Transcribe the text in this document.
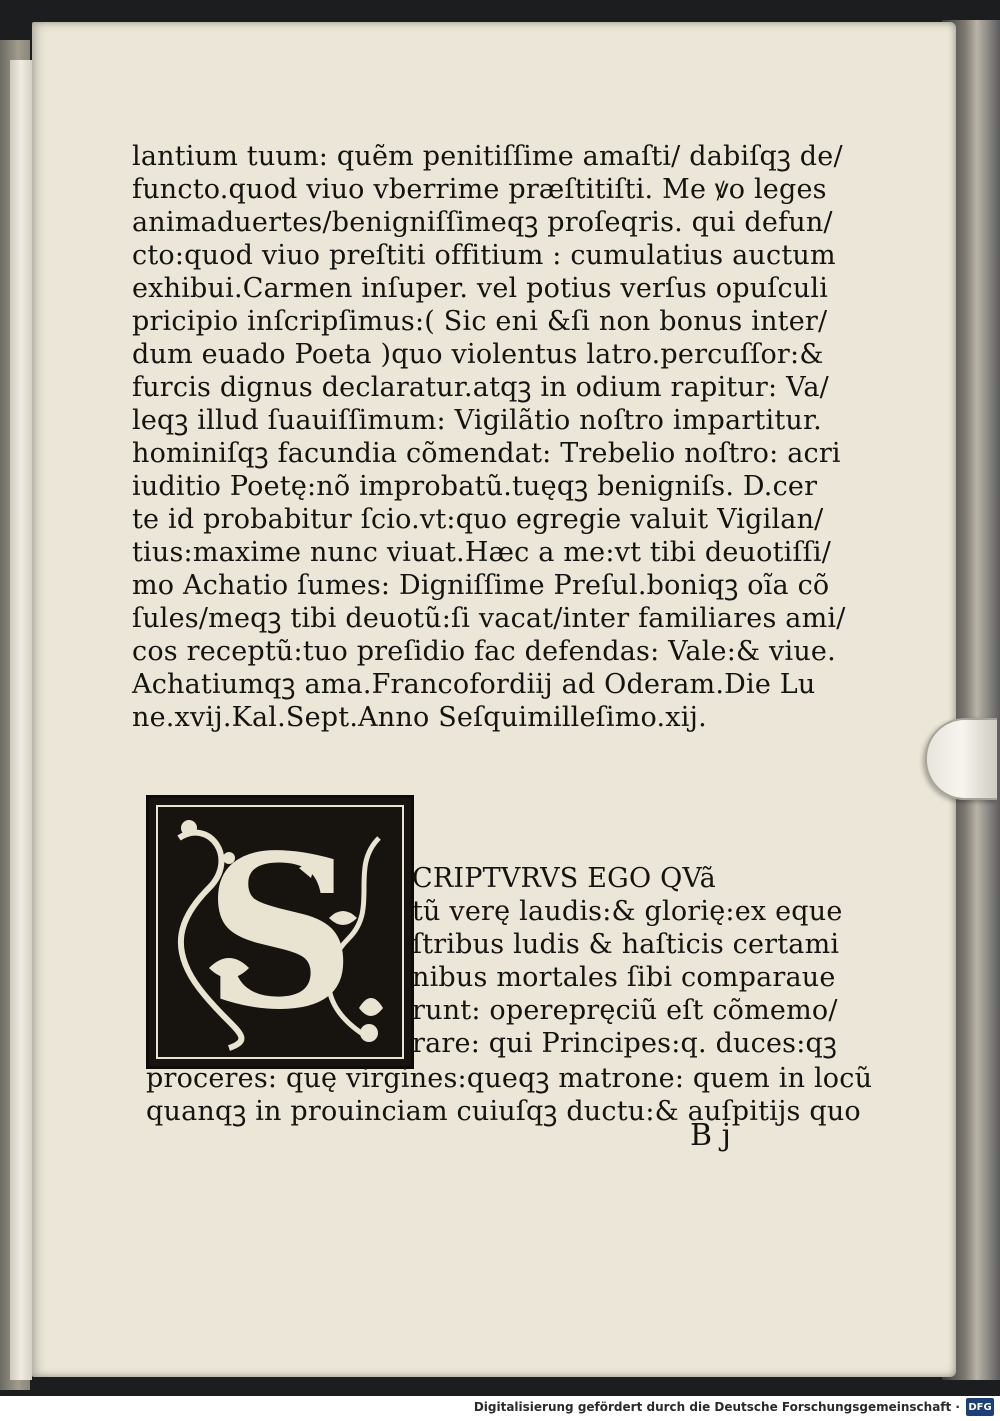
lantium tuum: quẽm penitiſſime amaſti/ dabiſqꝫ de/
functo.quod viuo vberrime præſtitiſti. Me ꝟo leges
animaduertes/benigniſſimeqꝫ proſeqris. qui defun/
cto:quod viuo preſtiti offitium : cumulatius auctum
exhibui.Carmen inſuper. vel potius verſus opuſculi
pricipio inſcripſimus:( Sic eni &ſi non bonus inter/
dum euado Poeta )quo violentus latro.percuſſor:&
furcis dignus declaratur.atqꝫ in odium rapitur: Va/
leqꝫ illud ſuauiſſimum: Vigilãtio noſtro impartitur.
hominiſqꝫ facundia cõmendat: Trebelio noſtro: acri
iuditio Poetę:nõ improbatũ.tuęqꝫ benigniſs. D.cer
te id probabitur ſcio.vt:quo egregie valuit Vigilan/
tius:maxime nunc viuat.Hæc a me:vt tibi deuotiſſi/
mo Achatio ſumes: Digniſſime Preſul.boniqꝫ oĩa cõ
ſules/meqꝫ tibi deuotũ:ſi vacat/inter familiares ami/
cos receptũ:tuo preſidio fac defendas: Vale:& viue.
Achatiumqꝫ ama.Francofordiij ad Oderam.Die Lu
ne.xvij.Kal.Sept.Anno Seſquimilleſimo.xij.
S	CRIPTVRVS EGO QVã
tũ verę laudis:& glorię:ex eque
ſtribus ludis & haſticis certami
nibus mortales ſibi comparaue
runt: operepręciũ eſt cõmemo/
rare: qui Principes:q. duces:qꝫ
proceres: quę virgines:queqꝫ matrone: quem in locũ
quanqꝫ in prouinciam cuiuſqꝫ ductu:& auſpitijs quo
B j
Digitalisierung gefördert durch die Deutsche Forschungsgemeinschaft · DFG
